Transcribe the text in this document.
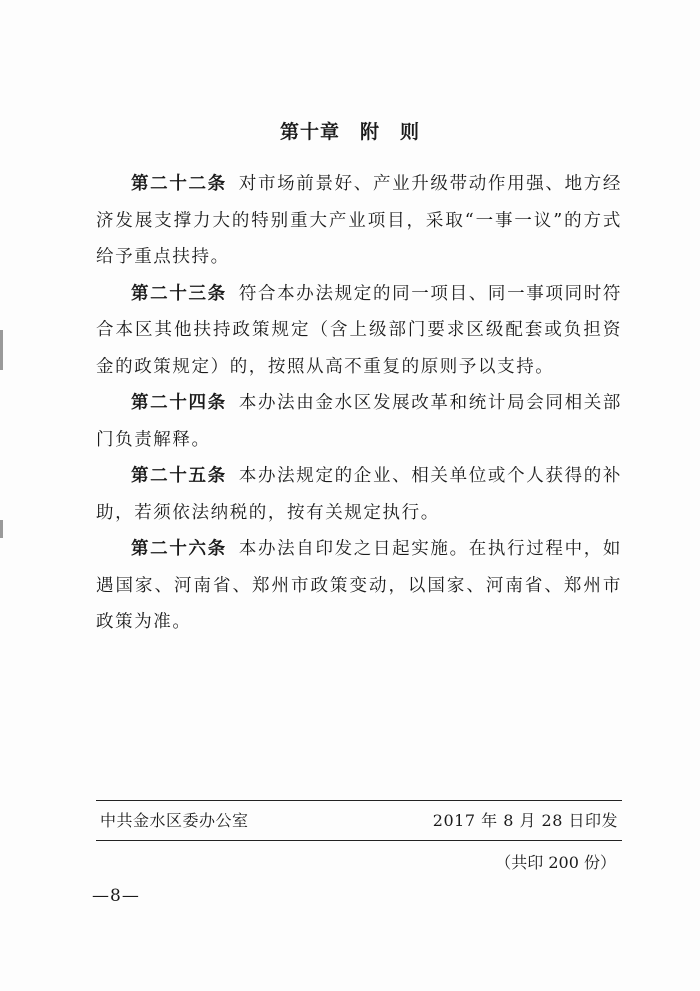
第十章　附　则

第二十二条 对市场前景好、产业升级带动作用强、地方经济发展支撑力大的特别重大产业项目，采取“一事一议”的方式给予重点扶持。

第二十三条 符合本办法规定的同一项目、同一事项同时符合本区其他扶持政策规定（含上级部门要求区级配套或负担资金的政策规定）的，按照从高不重复的原则予以支持。

第二十四条 本办法由金水区发展改革和统计局会同相关部门负责解释。

第二十五条 本办法规定的企业、相关单位或个人获得的补助，若须依法纳税的，按有关规定执行。

第二十六条 本办法自印发之日起实施。在执行过程中，如遇国家、河南省、郑州市政策变动，以国家、河南省、郑州市政策为准。

中共金水区委办公室	2017 年 8 月 28 日印发
（共印 200 份）
—8—
